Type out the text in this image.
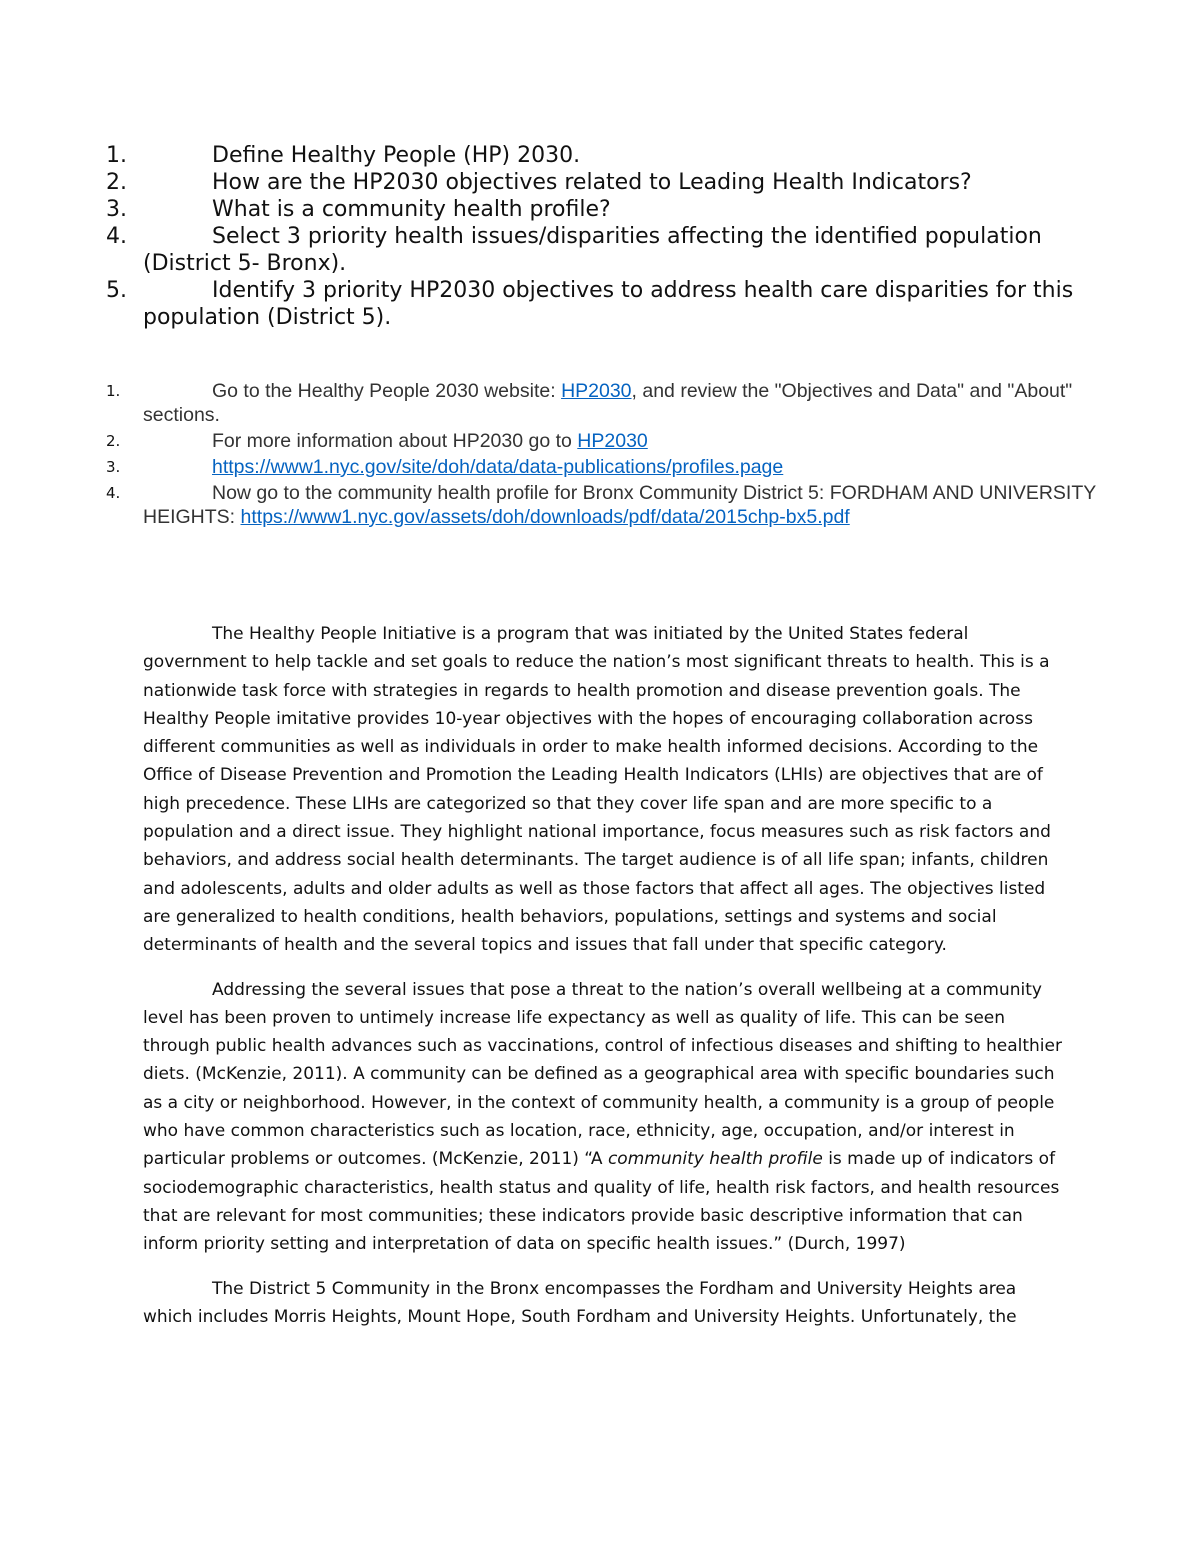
1.	Define Healthy People (HP) 2030.
2.	How are the HP2030 objectives related to Leading Health Indicators?
3.	What is a community health profile?
4.	Select 3 priority health issues/disparities affecting the identified population (District 5- Bronx).
5.	Identify 3 priority HP2030 objectives to address health care disparities for this population (District 5).
1.	Go to the Healthy People 2030 website: HP2030, and review the "Objectives and Data" and "About" sections.
2.	For more information about HP2030 go to HP2030
3.	https://www1.nyc.gov/site/doh/data/data-publications/profiles.page
4.	Now go to the community health profile for Bronx Community District 5: FORDHAM AND UNIVERSITY HEIGHTS: https://www1.nyc.gov/assets/doh/downloads/pdf/data/2015chp-bx5.pdf

The Healthy People Initiative is a program that was initiated by the United States federal government to help tackle and set goals to reduce the nation’s most significant threats to health. This is a nationwide task force with strategies in regards to health promotion and disease prevention goals. The Healthy People imitative provides 10-year objectives with the hopes of encouraging collaboration across different communities as well as individuals in order to make health informed decisions. According to the Office of Disease Prevention and Promotion the Leading Health Indicators (LHIs) are objectives that are of high precedence. These LIHs are categorized so that they cover life span and are more specific to a population and a direct issue. They highlight national importance, focus measures such as risk factors and behaviors, and address social health determinants. The target audience is of all life span; infants, children and adolescents, adults and older adults as well as those factors that affect all ages. The objectives listed are generalized to health conditions, health behaviors, populations, settings and systems and social determinants of health and the several topics and issues that fall under that specific category.

Addressing the several issues that pose a threat to the nation’s overall wellbeing at a community level has been proven to untimely increase life expectancy as well as quality of life. This can be seen through public health advances such as vaccinations, control of infectious diseases and shifting to healthier diets. (McKenzie, 2011). A community can be defined as a geographical area with specific boundaries such as a city or neighborhood. However, in the context of community health, a community is a group of people who have common characteristics such as location, race, ethnicity, age, occupation, and/or interest in particular problems or outcomes. (McKenzie, 2011) “A community health profile is made up of indicators of sociodemographic characteristics, health status and quality of life, health risk factors, and health resources that are relevant for most communities; these indicators provide basic descriptive information that can inform priority setting and interpretation of data on specific health issues.” (Durch, 1997)

The District 5 Community in the Bronx encompasses the Fordham and University Heights area which includes Morris Heights, Mount Hope, South Fordham and University Heights. Unfortunately, the
